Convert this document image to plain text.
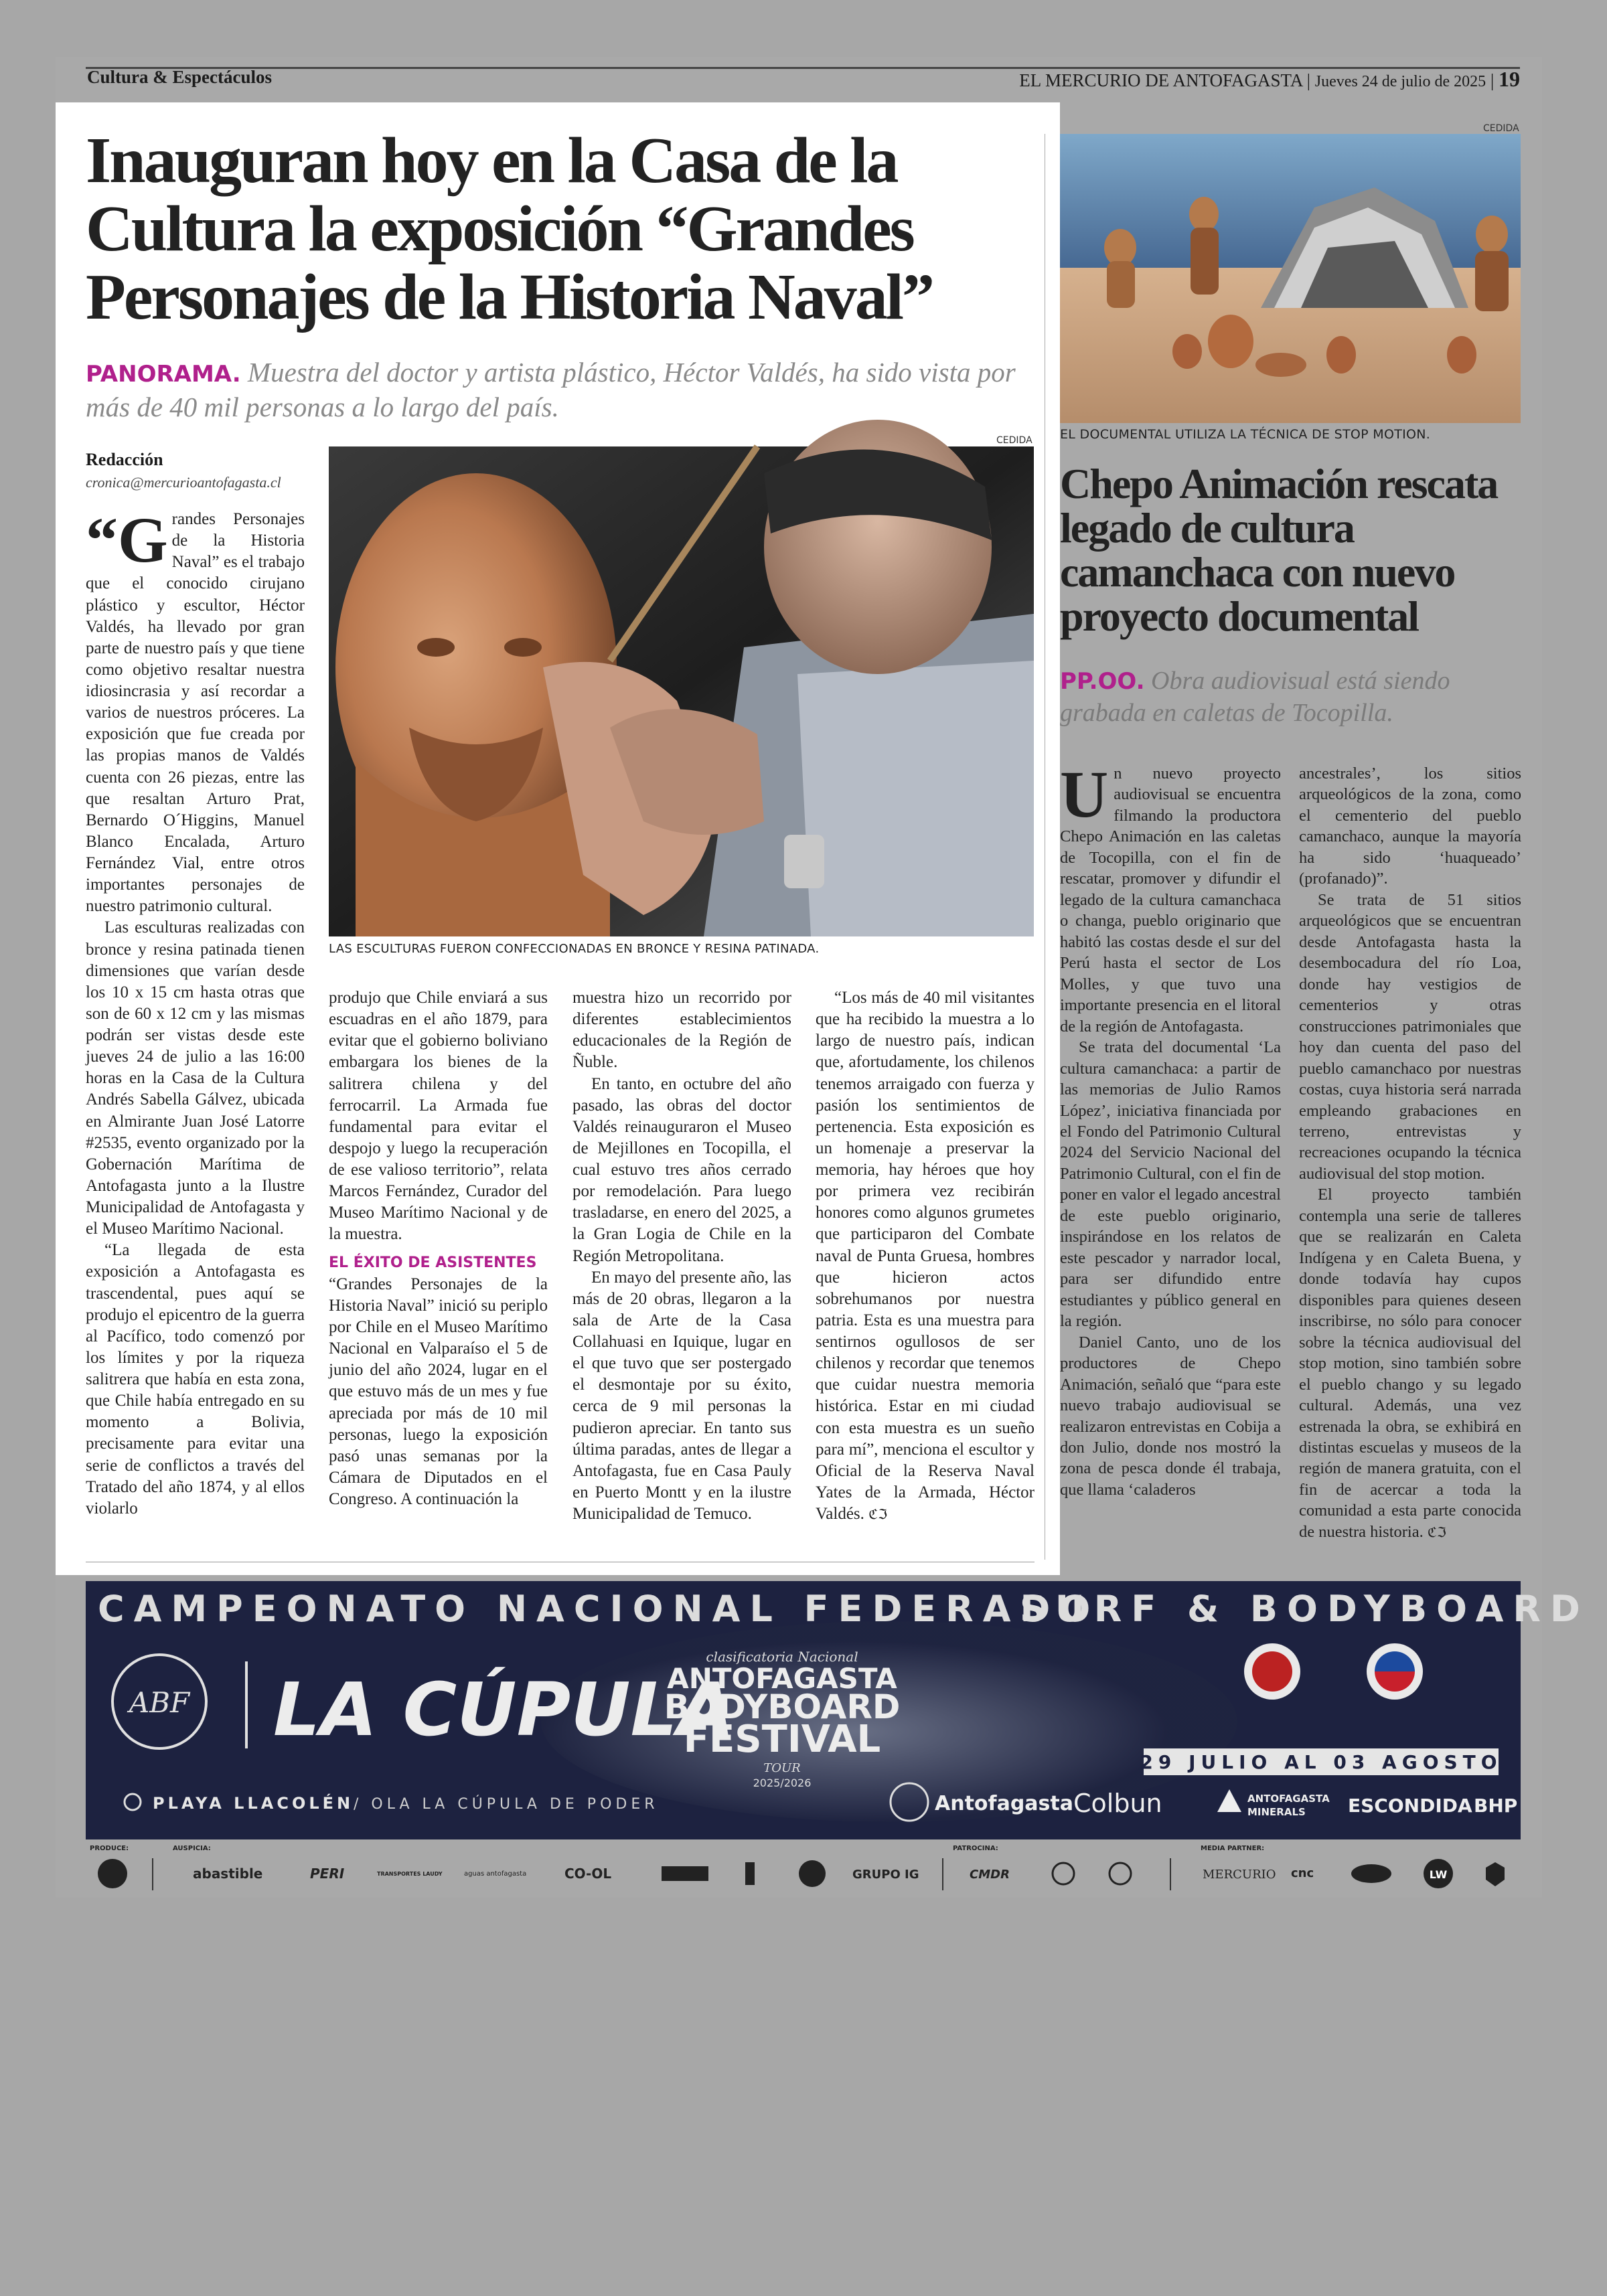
Cultura & Espectáculos	EL MERCURIO DE ANTOFAGASTA | Jueves 24 de julio de 2025 | 19
Inauguran hoy en la Casa de la Cultura la exposición “Grandes Personajes de la Historia Naval”
PANORAMA. Muestra del doctor y artista plástico, Héctor Valdés, ha sido vista por más de 40 mil personas a lo largo del país.
Redacción
cronica@mercurioantofagasta.cl
CEDIDA
LAS ESCULTURAS FUERON CONFECCIONADAS EN BRONCE Y RESINA PATINADA.

“Grandes Personajes de la Historia Naval” es el trabajo que el conocido cirujano plástico y escultor, Héctor Valdés, ha llevado por gran parte de nuestro país y que tiene como objetivo resaltar nuestra idiosincrasia y así recordar a varios de nuestros próceres. La exposición que fue creada por las propias manos de Valdés cuenta con 26 piezas, entre las que resaltan Arturo Prat, Bernardo O´Higgins, Manuel Blanco Encalada, Arturo Fernández Vial, entre otros importantes personajes de nuestro patrimonio cultural.

Las esculturas realizadas con bronce y resina patinada tienen dimensiones que varían desde los 10 x 15 cm hasta otras que son de 60 x 12 cm y las mismas podrán ser vistas desde este jueves 24 de julio a las 16:00 horas en la Casa de la Cultura Andrés Sabella Gálvez, ubicada en Almirante Juan José Latorre #2535, evento organizado por la Gobernación Marítima de Antofagasta junto a la Ilustre Municipalidad de Antofagasta y el Museo Marítimo Nacional.

“La llegada de esta exposición a Antofagasta es trascendental, pues aquí se produjo el epicentro de la guerra al Pacífico, todo comenzó por los límites y por la riqueza salitrera que había en esta zona, que Chile había entregado en su momento a Bolivia, precisamente para evitar una serie de conflictos a través del Tratado del año 1874, y al ellos violarlo

produjo que Chile enviará a sus escuadras en el año 1879, para evitar que el gobierno boliviano embargara los bienes de la salitrera chilena y del ferrocarril. La Armada fue fundamental para evitar el despojo y luego la recuperación de ese valioso territorio”, relata Marcos Fernández, Curador del Museo Marítimo Nacional y de la muestra.

EL ÉXITO DE ASISTENTES

“Grandes Personajes de la Historia Naval” inició su periplo por Chile en el Museo Marítimo Nacional en Valparaíso el 5 de junio del año 2024, lugar en el que estuvo más de un mes y fue apreciada por más de 10 mil personas, luego la exposición pasó unas semanas por la Cámara de Diputados en el Congreso. A continuación la

muestra hizo un recorrido por diferentes establecimientos educacionales de la Región de Ñuble.

En tanto, en octubre del año pasado, las obras del doctor Valdés reinauguraron el Museo de Mejillones en Tocopilla, el cual estuvo tres años cerrado por remodelación. Para luego trasladarse, en enero del 2025, a la Gran Logia de Chile en la Región Metropolitana.

En mayo del presente año, las más de 20 obras, llegaron a la sala de Arte de la Casa Collahuasi en Iquique, lugar en el que tuvo que ser postergado el desmontaje por su éxito, cerca de 9 mil personas la pudieron apreciar. En tanto sus última paradas, antes de llegar a Antofagasta, fue en Casa Pauly en Puerto Montt y en la ilustre Municipalidad de Temuco.

“Los más de 40 mil visitantes que ha recibido la muestra a lo largo de nuestro país, indican que, afortudamente, los chilenos tenemos arraigado con fuerza y pasión los sentimientos de pertenencia. Esta exposición es un homenaje a preservar la memoria, hay héroes que hoy por primera vez recibirán honores como algunos grumetes que participaron del Combate naval de Punta Gruesa, hombres que hicieron actos sobrehumanos por nuestra patria. Esta es una muestra para sentirnos ogullosos de ser chilenos y recordar que tenemos que cuidar nuestra memoria histórica. Estar en mi ciudad con esta muestra es un sueño para mí”, menciona el escultor y Oficial de la Reserva Naval Yates de la Armada, Héctor Valdés. ℭℑ

CEDIDA
EL DOCUMENTAL UTILIZA LA TÉCNICA DE STOP MOTION.
Chepo Animación rescata legado de cultura camanchaca con nuevo proyecto documental
PP.OO. Obra audiovisual está siendo grabada en caletas de Tocopilla.

Un nuevo proyecto audiovisual se encuentra filmando la productora Chepo Animación en las caletas de Tocopilla, con el fin de rescatar, promover y difundir el legado de la cultura camanchaca o changa, pueblo originario que habitó las costas desde el sur del Perú hasta el sector de Los Molles, y que tuvo una importante presencia en el litoral de la región de Antofagasta.

Se trata del documental ‘La cultura camanchaca: a partir de las memorias de Julio Ramos López’, iniciativa financiada por el Fondo del Patrimonio Cultural 2024 del Servicio Nacional del Patrimonio Cultural, con el fin de poner en valor el legado ancestral de este pueblo originario, inspirándose en los relatos de este pescador y narrador local, para ser difundido entre estudiantes y público general en la región.

Daniel Canto, uno de los productores de Chepo Animación, señaló que “para este nuevo trabajo audiovisual se realizaron entrevistas en Cobija a don Julio, donde nos mostró la zona de pesca donde él trabaja, que llama ‘caladeros

ancestrales’, los sitios arqueológicos de la zona, como el cementerio del pueblo camanchaco, aunque la mayoría ha sido ‘huaqueado’ (profanado)”.

Se trata de 51 sitios arqueológicos que se encuentran desde Antofagasta hasta la desembocadura del río Loa, donde hay vestigios de cementerios y otras construcciones patrimoniales que hoy dan cuenta del paso del pueblo camanchaco por nuestras costas, cuya historia será narrada empleando grabaciones en terreno, entrevistas y recreaciones ocupando la técnica audiovisual del stop motion.

El proyecto también contempla una serie de talleres que se realizarán en Caleta Indígena y en Caleta Buena, y donde todavía hay cupos disponibles para quienes deseen inscribirse, no sólo para conocer sobre la técnica audiovisual del stop motion, sino también sobre el pueblo chango y su legado cultural. Además, una vez estrenada la obra, se exhibirá en distintas escuelas y museos de la región de manera gratuita, con el fin de acercar a toda la comunidad a esta parte conocida de nuestra historia. ℭℑ

CAMPEONATO NACIONAL FEDERADO
SURF & BODYBOARD
ABF LA CÚPULA
clasificatoria Nacional
ANTOFAGASTA
BODYBOARD
FESTIVAL
TOUR
2025/2026
29 JULIO AL 03 AGOSTO
PLAYA LLACOLÉN / OLA LA CÚPULA DE PODER	Antofagasta Colbun	ANTOFAGASTA
MINERALS ESCONDIDA BHP
PRODUCE:	AUSPICIA:
abastible	PERI	TRANSPORTES LAUDY	aguas antofagasta	CO-OL	GRUPO IG
PATROCINA:
CMDR
MEDIA PARTNER:
MERCURIO cnc	LW
